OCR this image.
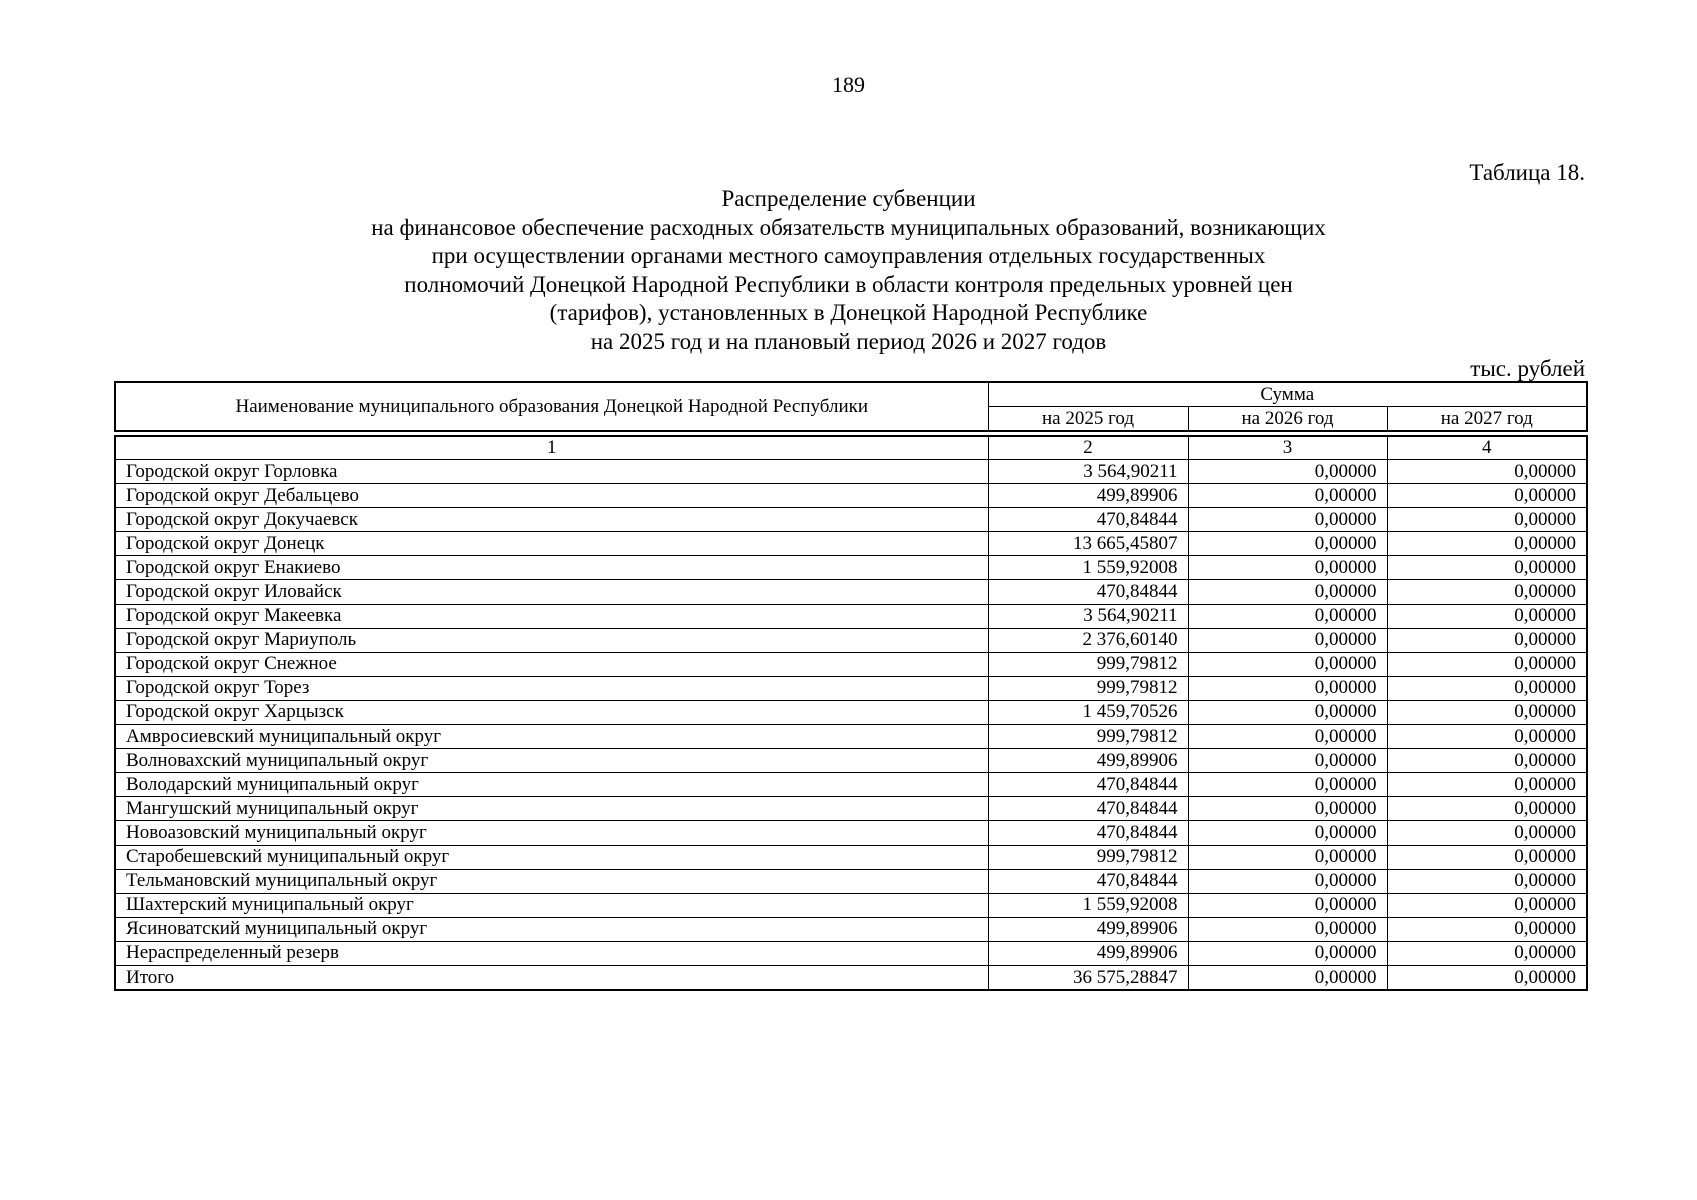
189
Таблица 18.
Распределение субвенции
на финансовое обеспечение расходных обязательств муниципальных образований, возникающих
при осуществлении органами местного самоуправления отдельных государственных
полномочий Донецкой Народной Республики в области контроля предельных уровней цен
(тарифов), установленных в Донецкой Народной Республике
на 2025 год и на плановый период 2026 и 2027 годов
тыс. рублей
Наименование муниципального образования Донецкой Народной Республики	Сумма		
	на 2025 год	на 2026 год	на 2027 год
1	2	3	4
Городской округ Горловка	3 564,90211	0,00000	0,00000
Городской округ Дебальцево	499,89906	0,00000	0,00000
Городской округ Докучаевск	470,84844	0,00000	0,00000
Городской округ Донецк	13 665,45807	0,00000	0,00000
Городской округ Енакиево	1 559,92008	0,00000	0,00000
Городской округ Иловайск	470,84844	0,00000	0,00000
Городской округ Макеевка	3 564,90211	0,00000	0,00000
Городской округ Мариуполь	2 376,60140	0,00000	0,00000
Городской округ Снежное	999,79812	0,00000	0,00000
Городской округ Торез	999,79812	0,00000	0,00000
Городской округ Харцызск	1 459,70526	0,00000	0,00000
Амвросиевский муниципальный округ	999,79812	0,00000	0,00000
Волновахский муниципальный округ	499,89906	0,00000	0,00000
Володарский муниципальный округ	470,84844	0,00000	0,00000
Мангушский муниципальный округ	470,84844	0,00000	0,00000
Новоазовский муниципальный округ	470,84844	0,00000	0,00000
Старобешевский муниципальный округ	999,79812	0,00000	0,00000
Тельмановский муниципальный округ	470,84844	0,00000	0,00000
Шахтерский муниципальный округ	1 559,92008	0,00000	0,00000
Ясиноватский муниципальный округ	499,89906	0,00000	0,00000
Нераспределенный резерв	499,89906	0,00000	0,00000
Итого	36 575,28847	0,00000	0,00000
